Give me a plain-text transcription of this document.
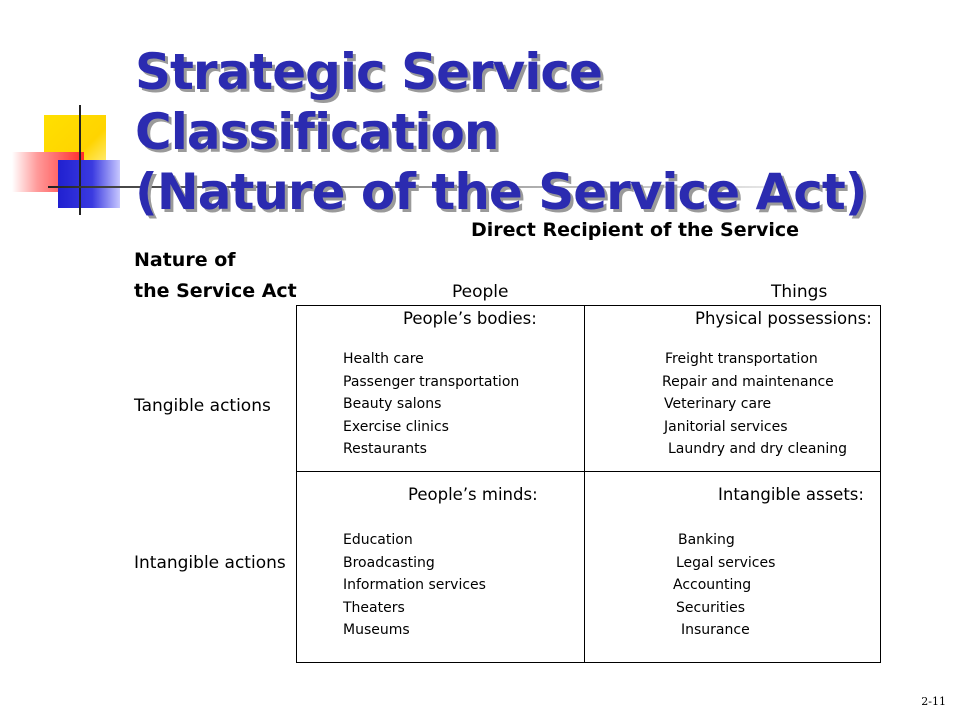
Strategic Service Classification
(Nature of the Service Act)
Direct Recipient of the Service
Nature of
the Service Act	People	Things
Tangible actions
Intangible actions
People’s bodies:
Health care
Passenger transportation
Beauty salons
Exercise clinics
Restaurants
Physical possessions:
Freight transportation
Repair and maintenance
Veterinary care
Janitorial services
Laundry and dry cleaning
People’s minds:
Education
Broadcasting
Information services
Theaters
Museums
Intangible assets:
Banking
Legal services
Accounting
Securities
Insurance
2-11
